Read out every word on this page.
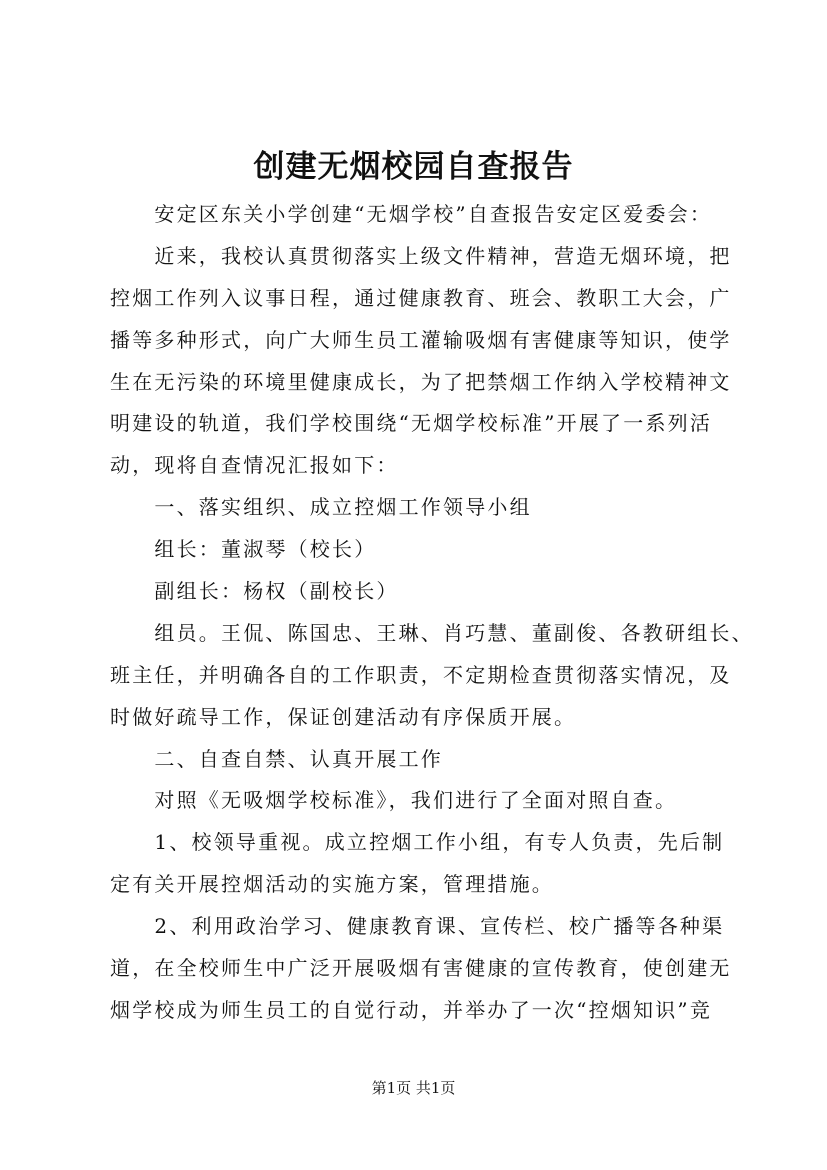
创建无烟校园自查报告
　　安定区东关小学创建“无烟学校”自查报告安定区爱委会：
　　近来，我校认真贯彻落实上级文件精神，营造无烟环境，把
控烟工作列入议事日程，通过健康教育、班会、教职工大会，广
播等多种形式，向广大师生员工灌输吸烟有害健康等知识，使学
生在无污染的环境里健康成长，为了把禁烟工作纳入学校精神文
明建设的轨道，我们学校围绕“无烟学校标准”开展了一系列活
动，现将自查情况汇报如下：
　　一、落实组织、成立控烟工作领导小组
　　组长：董淑琴（校长）
　　副组长：杨权（副校长）
　　组员。王侃、陈国忠、王琳、肖巧慧、董副俊、各教研组长、
班主任，并明确各自的工作职责，不定期检查贯彻落实情况，及
时做好疏导工作，保证创建活动有序保质开展。
　　二、自查自禁、认真开展工作
　　对照《无吸烟学校标准》，我们进行了全面对照自查。
　　1、校领导重视。成立控烟工作小组，有专人负责，先后制
定有关开展控烟活动的实施方案，管理措施。
　　2、利用政治学习、健康教育课、宣传栏、校广播等各种渠
道，在全校师生中广泛开展吸烟有害健康的宣传教育，使创建无
烟学校成为师生员工的自觉行动，并举办了一次“控烟知识”竞
第1页 共1页
